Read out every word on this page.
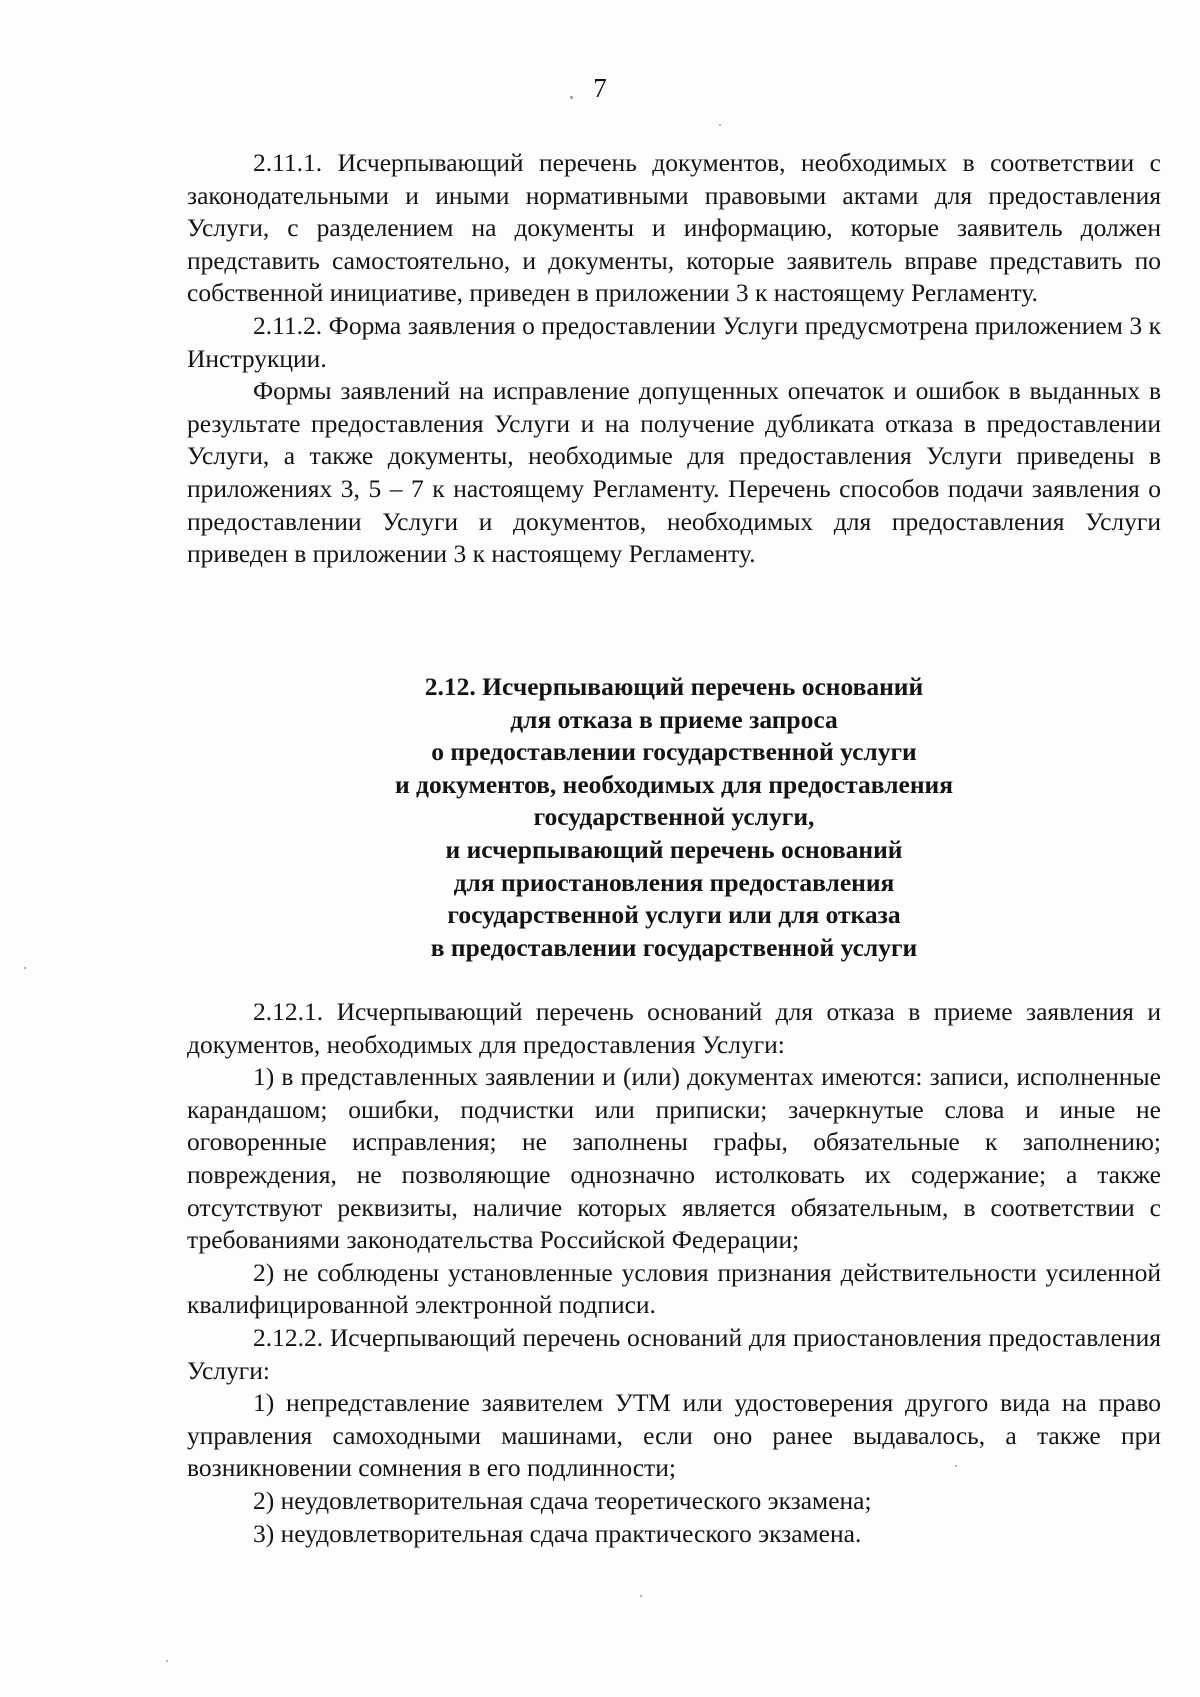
7

2.11.1. Исчерпывающий перечень документов, необходимых в соответствии с законодательными и иными нормативными правовыми актами для предоставления Услуги, с разделением на документы и информацию, которые заявитель должен представить самостоятельно, и документы, которые заявитель вправе представить по собственной инициативе, приведен в приложении 3 к настоящему Регламенту.

2.11.2. Форма заявления о предоставлении Услуги предусмотрена приложением 3 к Инструкции.

Формы заявлений на исправление допущенных опечаток и ошибок в выданных в результате предоставления Услуги и на получение дубликата отказа в предоставлении Услуги, а также документы, необходимые для предоставления Услуги приведены в приложениях 3, 5 – 7 к настоящему Регламенту. Перечень способов подачи заявления о предоставлении Услуги и документов, необходимых для предоставления Услуги приведен в приложении 3 к настоящему Регламенту.

2.12. Исчерпывающий перечень оснований
для отказа в приеме запроса
о предоставлении государственной услуги
и документов, необходимых для предоставления
государственной услуги,
и исчерпывающий перечень оснований
для приостановления предоставления
государственной услуги или для отказа
в предоставлении государственной услуги

2.12.1. Исчерпывающий перечень оснований для отказа в приеме заявления и документов, необходимых для предоставления Услуги:

1) в представленных заявлении и (или) документах имеются: записи, исполненные карандашом; ошибки, подчистки или приписки; зачеркнутые слова и иные не оговоренные исправления; не заполнены графы, обязательные к заполнению; повреждения, не позволяющие однозначно истолковать их содержание; а также отсутствуют реквизиты, наличие которых является обязательным, в соответствии с требованиями законодательства Российской Федерации;

2) не соблюдены установленные условия признания действительности усиленной квалифицированной электронной подписи.

2.12.2. Исчерпывающий перечень оснований для приостановления предоставления Услуги:

1) непредставление заявителем УТМ или удостоверения другого вида на право управления самоходными машинами, если оно ранее выдавалось, а также при возникновении сомнения в его подлинности;

2) неудовлетворительная сдача теоретического экзамена;

3) неудовлетворительная сдача практического экзамена.
